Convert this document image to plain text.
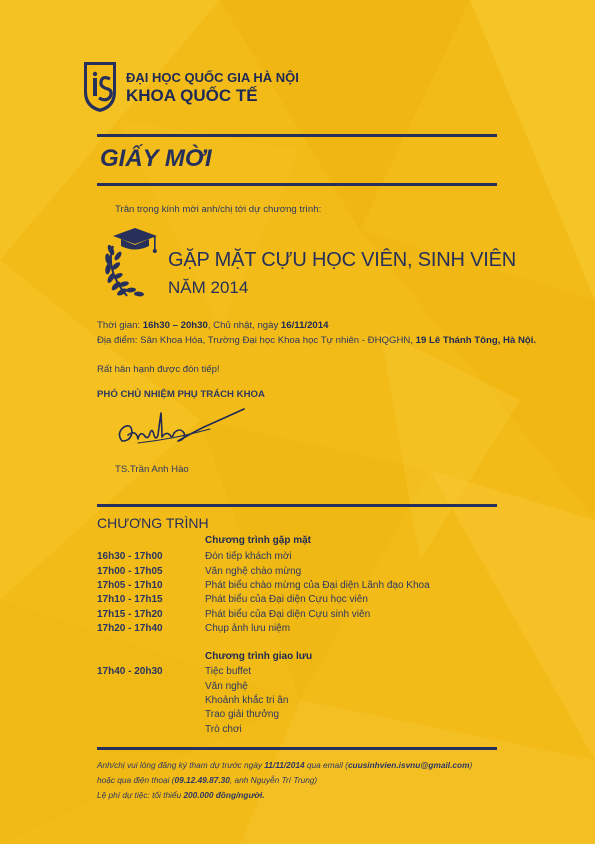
ĐẠI HỌC QUỐC GIA HÀ NỘI
KHOA QUỐC TẾ
GIẤY MỜI
Trân trọng kính mời anh/chị tới dự chương trình:
GẶP MẶT CỰU HỌC VIÊN, SINH VIÊN
NĂM 2014
Thời gian: 16h30 – 20h30, Chủ nhật, ngày 16/11/2014
Địa điểm: Sân Khoa Hóa, Trường Đại học Khoa học Tự nhiên - ĐHQGHN, 19 Lê Thánh Tông, Hà Nội.
Rất hân hạnh được đón tiếp!
PHÓ CHỦ NHIỆM PHỤ TRÁCH KHOA
TS.Trần Anh Hào
CHƯƠNG TRÌNH
Chương trình gặp mặt
16h30 - 17h00	Đón tiếp khách mời
17h00 - 17h05	Văn nghệ chào mừng
17h05 - 17h10	Phát biểu chào mừng của Đại diện Lãnh đạo Khoa
17h10 - 17h15	Phát biểu của Đại diện Cựu học viên
17h15 - 17h20	Phát biểu của Đại diện Cựu sinh viên
17h20 - 17h40	Chụp ảnh lưu niệm
Chương trình giao lưu
17h40 - 20h30	Tiệc buffet
Văn nghệ
Khoảnh khắc tri ân
Trao giải thưởng
Trò chơi
Anh/chị vui lòng đăng ký tham dự trước ngày 11/11/2014 qua email (cuusinhvien.isvnu@gmail.com)
hoặc qua điện thoại (09.12.49.87.30, anh Nguyễn Trí Trung)
Lệ phí dự tiệc: tối thiểu 200.000 đồng/người.
